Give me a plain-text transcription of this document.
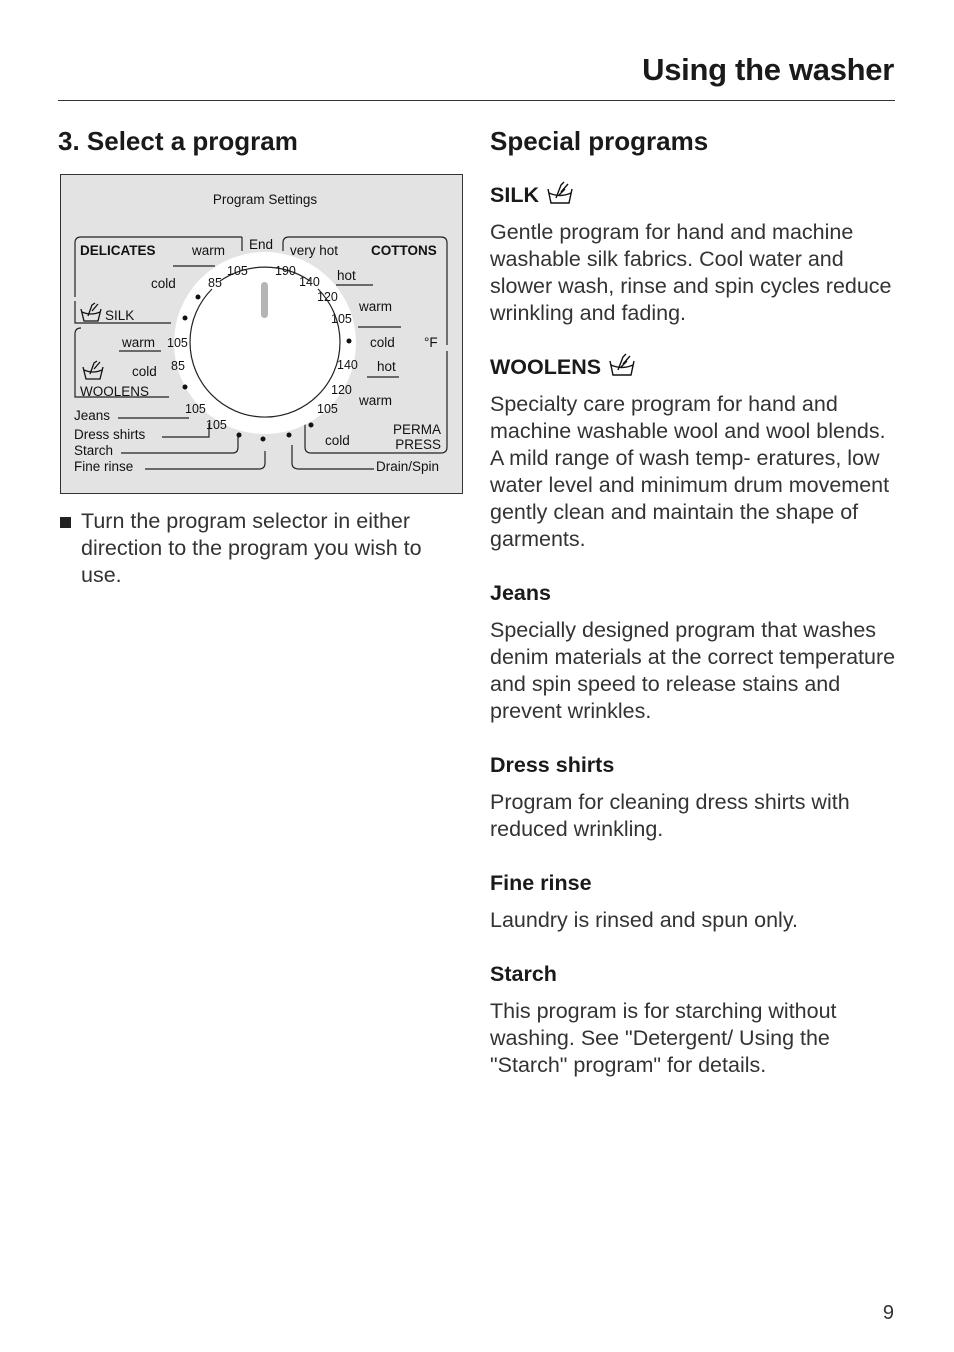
Using the washer
3. Select a program
Program Settings
DELICATES	warm
cold
End very hot COTTONS
hot
warm
cold °F
SILK
warm
cold
WOOLENS
Jeans
Dress shirts
Starch
Fine rinse
hot
warm
cold
PERMA
PRESS
Drain/Spin
105
85
190
140
120
105
105
85	140
120
105
105
105
Turn the program selector in either direction to the program you wish to use.
Special programs
SILK

Gentle program for hand and machine washable silk fabrics. Cool water and slower wash, rinse and spin cycles reduce wrinkling and fading.

WOOLENS

Specialty care program for hand and machine washable wool and wool blends. A mild range of wash temp- eratures, low water level and minimum drum movement gently clean and maintain the shape of garments.

Jeans

Specially designed program that washes denim materials at the correct temperature and spin speed to release stains and prevent wrinkles.

Dress shirts

Program for cleaning dress shirts with reduced wrinkling.

Fine rinse

Laundry is rinsed and spun only.

Starch

This program is for starching without washing. See "Detergent/ Using the "Starch" program" for details.

9
